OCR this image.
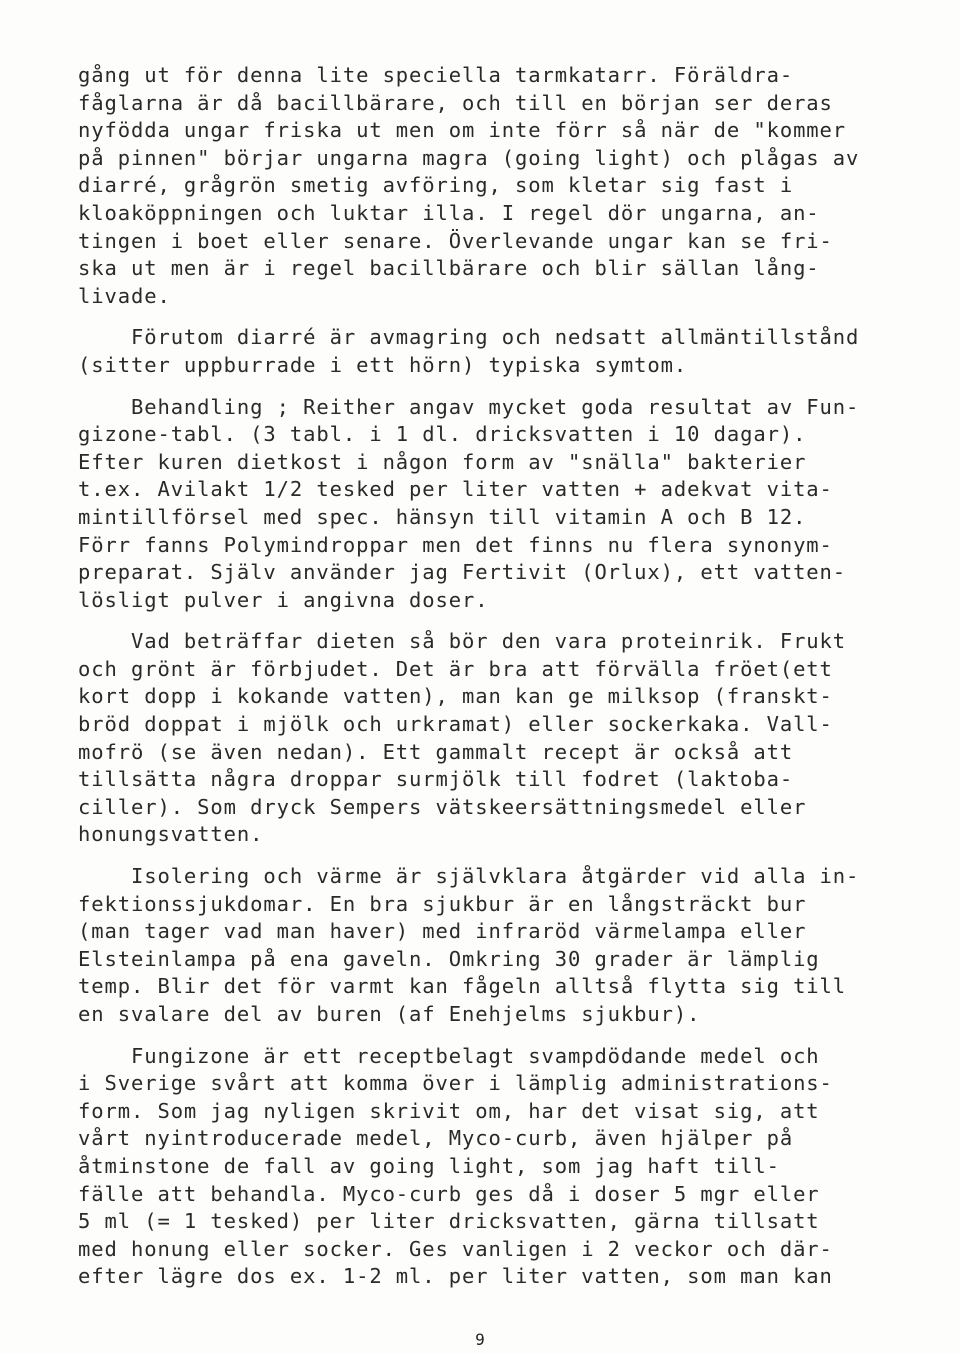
gång ut för denna lite speciella tarmkatarr. Föräldra-
fåglarna är då bacillbärare, och till en början ser deras
nyfödda ungar friska ut men om inte förr så när de "kommer
på pinnen" börjar ungarna magra (going light) och plågas av
diarré, grågrön smetig avföring, som kletar sig fast i
kloaköppningen och luktar illa. I regel dör ungarna, an-
tingen i boet eller senare. Överlevande ungar kan se fri-
ska ut men är i regel bacillbärare och blir sällan lång-
livade.
Förutom diarré är avmagring och nedsatt allmäntillstånd
(sitter uppburrade i ett hörn) typiska symtom.
Behandling ; Reither angav mycket goda resultat av Fun-
gizone-tabl. (3 tabl. i 1 dl. dricksvatten i 10 dagar).
Efter kuren dietkost i någon form av "snälla" bakterier
t.ex. Avilakt 1/2 tesked per liter vatten + adekvat vita-
mintillförsel med spec. hänsyn till vitamin A och B 12.
Förr fanns Polymindroppar men det finns nu flera synonym-
preparat. Själv använder jag Fertivit (Orlux), ett vatten-
lösligt pulver i angivna doser.
Vad beträffar dieten så bör den vara proteinrik. Frukt
och grönt är förbjudet. Det är bra att förvälla fröet(ett
kort dopp i kokande vatten), man kan ge milksop (franskt-
bröd doppat i mjölk och urkramat) eller sockerkaka. Vall-
mofrö (se även nedan). Ett gammalt recept är också att
tillsätta några droppar surmjölk till fodret (laktoba-
ciller). Som dryck Sempers vätskeersättningsmedel eller
honungsvatten.
Isolering och värme är självklara åtgärder vid alla in-
fektionssjukdomar. En bra sjukbur är en långsträckt bur
(man tager vad man haver) med infraröd värmelampa eller
Elsteinlampa på ena gaveln. Omkring 30 grader är lämplig
temp. Blir det för varmt kan fågeln alltså flytta sig till
en svalare del av buren (af Enehjelms sjukbur).
Fungizone är ett receptbelagt svampdödande medel och
i Sverige svårt att komma över i lämplig administrations-
form. Som jag nyligen skrivit om, har det visat sig, att
vårt nyintroducerade medel, Myco-curb, även hjälper på
åtminstone de fall av going light, som jag haft till-
fälle att behandla. Myco-curb ges då i doser 5 mgr eller
5 ml (= 1 tesked) per liter dricksvatten, gärna tillsatt
med honung eller socker. Ges vanligen i 2 veckor och där-
efter lägre dos ex. 1-2 ml. per liter vatten, som man kan
9
